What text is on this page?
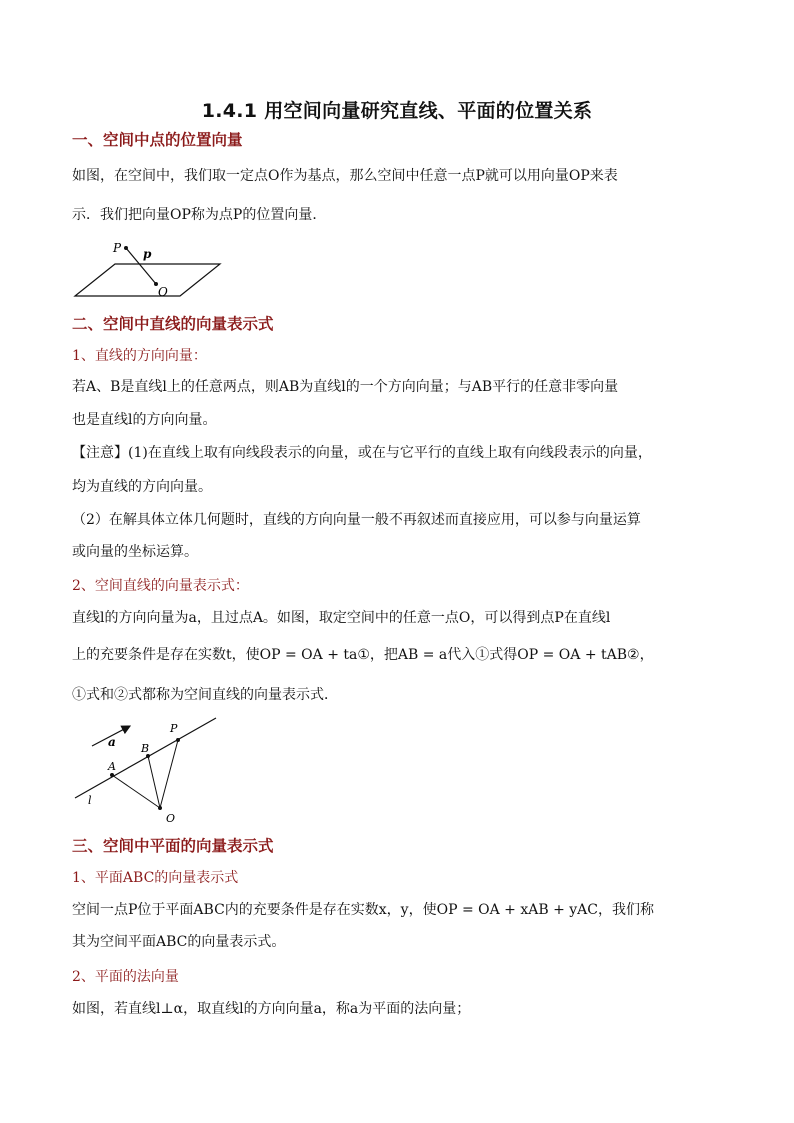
1.4.1 用空间向量研究直线、平面的位置关系
一、空间中点的位置向量
如图，在空间中，我们取一定点O作为基点，那么空间中任意一点P就可以用向量OP来表
示．我们把向量OP称为点P的位置向量．
P p
O
二、空间中直线的向量表示式
1、直线的方向向量：
若A、B是直线l上的任意两点，则AB为直线l的一个方向向量；与AB平行的任意非零向量
也是直线l的方向向量。
【注意】(1)在直线上取有向线段表示的向量，或在与它平行的直线上取有向线段表示的向量，
均为直线的方向向量。
（2）在解具体立体几何题时，直线的方向向量一般不再叙述而直接应用，可以参与向量运算
或向量的坐标运算。
2、空间直线的向量表示式：
直线l的方向向量为a，且过点A。如图，取定空间中的任意一点O，可以得到点P在直线l
上的充要条件是存在实数t，使OP = OA + ta①，把AB = a代入①式得OP = OA + tAB②，
①式和②式都称为空间直线的向量表示式．
a B
P
A
l
O
三、空间中平面的向量表示式
1、平面ABC的向量表示式
空间一点P位于平面ABC内的充要条件是存在实数x，y，使OP = OA + xAB + yAC，我们称
其为空间平面ABC的向量表示式。
2、平面的法向量
如图，若直线l⊥α，取直线l的方向向量a，称a为平面的法向量；
